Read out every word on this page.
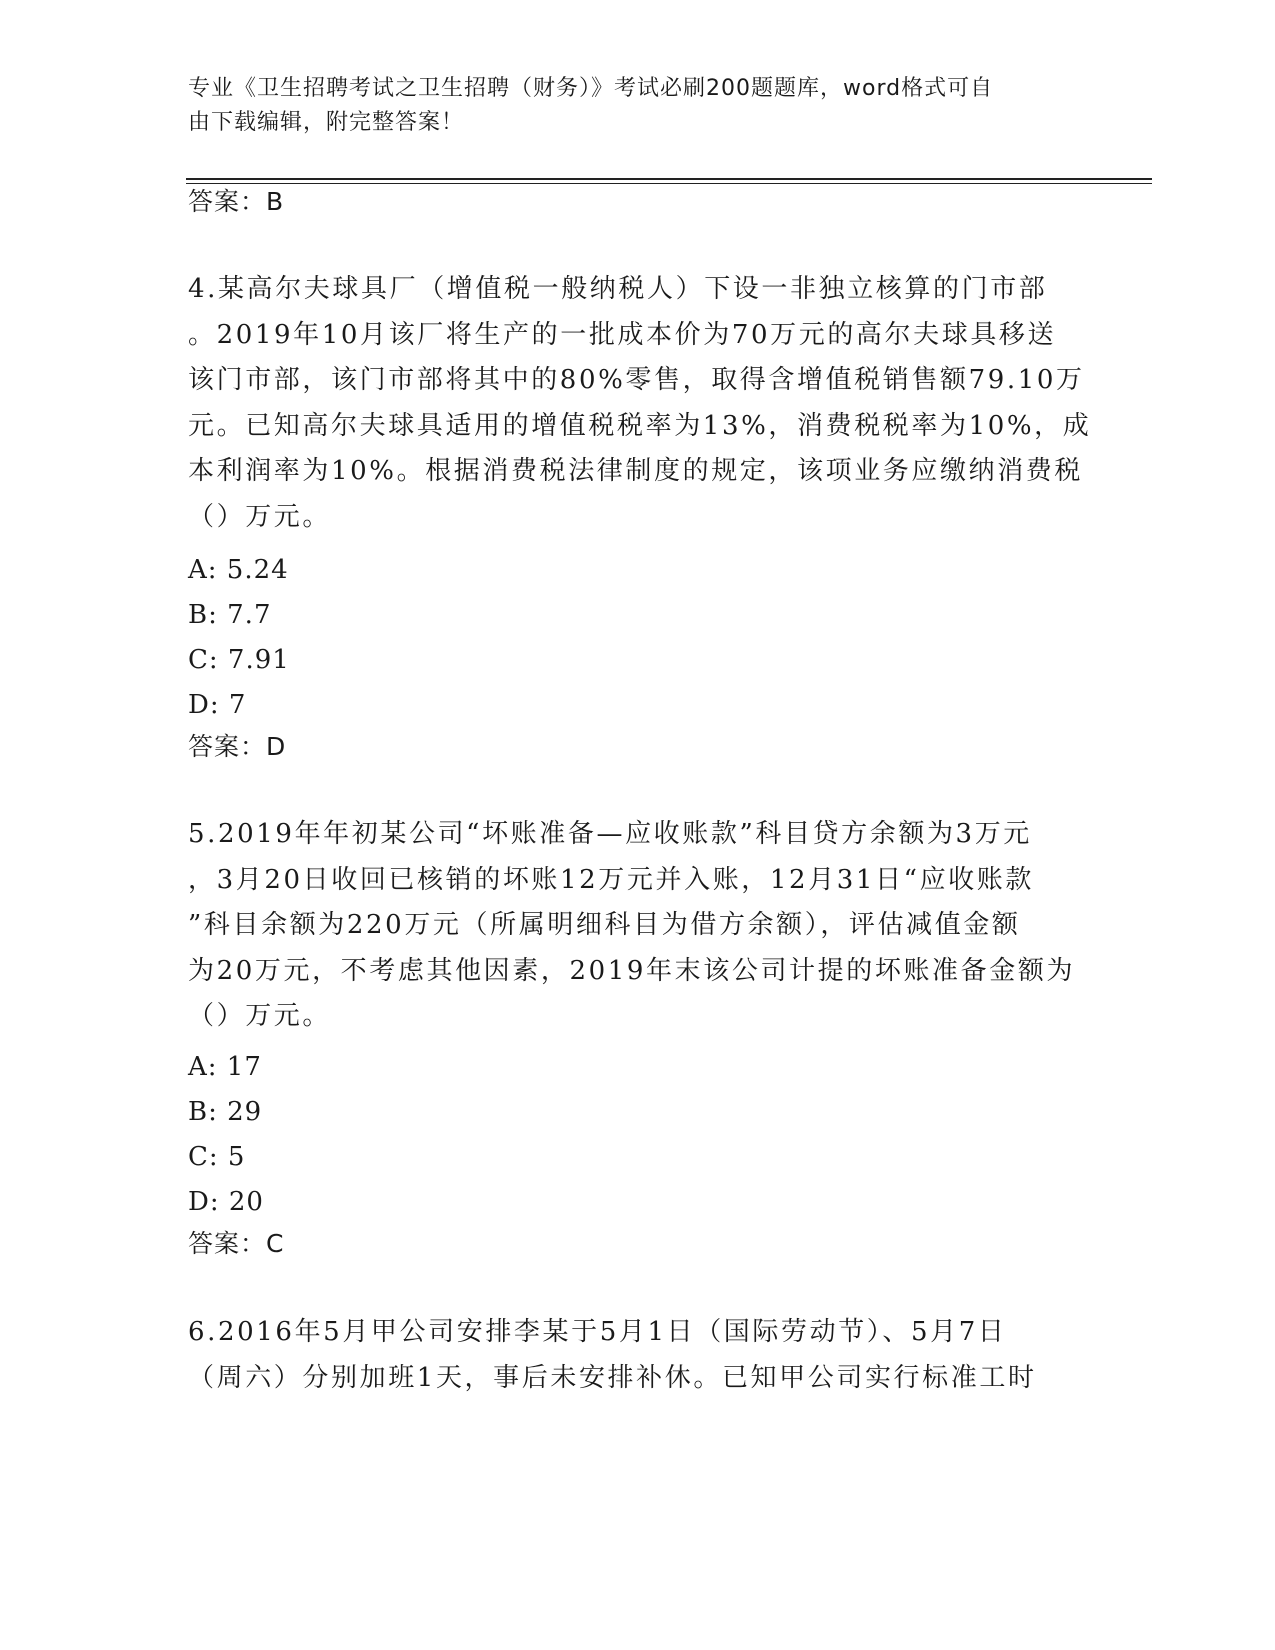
专业《卫生招聘考试之卫生招聘（财务）》考试必刷200题题库，word格式可自
由下载编辑，附完整答案！
答案：B
4.某高尔夫球具厂（增值税一般纳税人）下设一非独立核算的门市部
。2019年10月该厂将生产的一批成本价为70万元的高尔夫球具移送
该门市部，该门市部将其中的80%零售，取得含增值税销售额79.10万
元。已知高尔夫球具适用的增值税税率为13%，消费税税率为10%，成
本利润率为10%。根据消费税法律制度的规定，该项业务应缴纳消费税
（）万元。
A: 5.24
B: 7.7
C: 7.91
D: 7
答案：D
5.2019年年初某公司“坏账准备—应收账款”科目贷方余额为3万元
，3月20日收回已核销的坏账12万元并入账，12月31日“应收账款
”科目余额为220万元（所属明细科目为借方余额），评估减值金额
为20万元，不考虑其他因素，2019年末该公司计提的坏账准备金额为
（）万元。
A: 17
B: 29
C: 5
D: 20
答案：C
6.2016年5月甲公司安排李某于5月1日（国际劳动节）、5月7日
（周六）分别加班1天，事后未安排补休。已知甲公司实行标准工时
